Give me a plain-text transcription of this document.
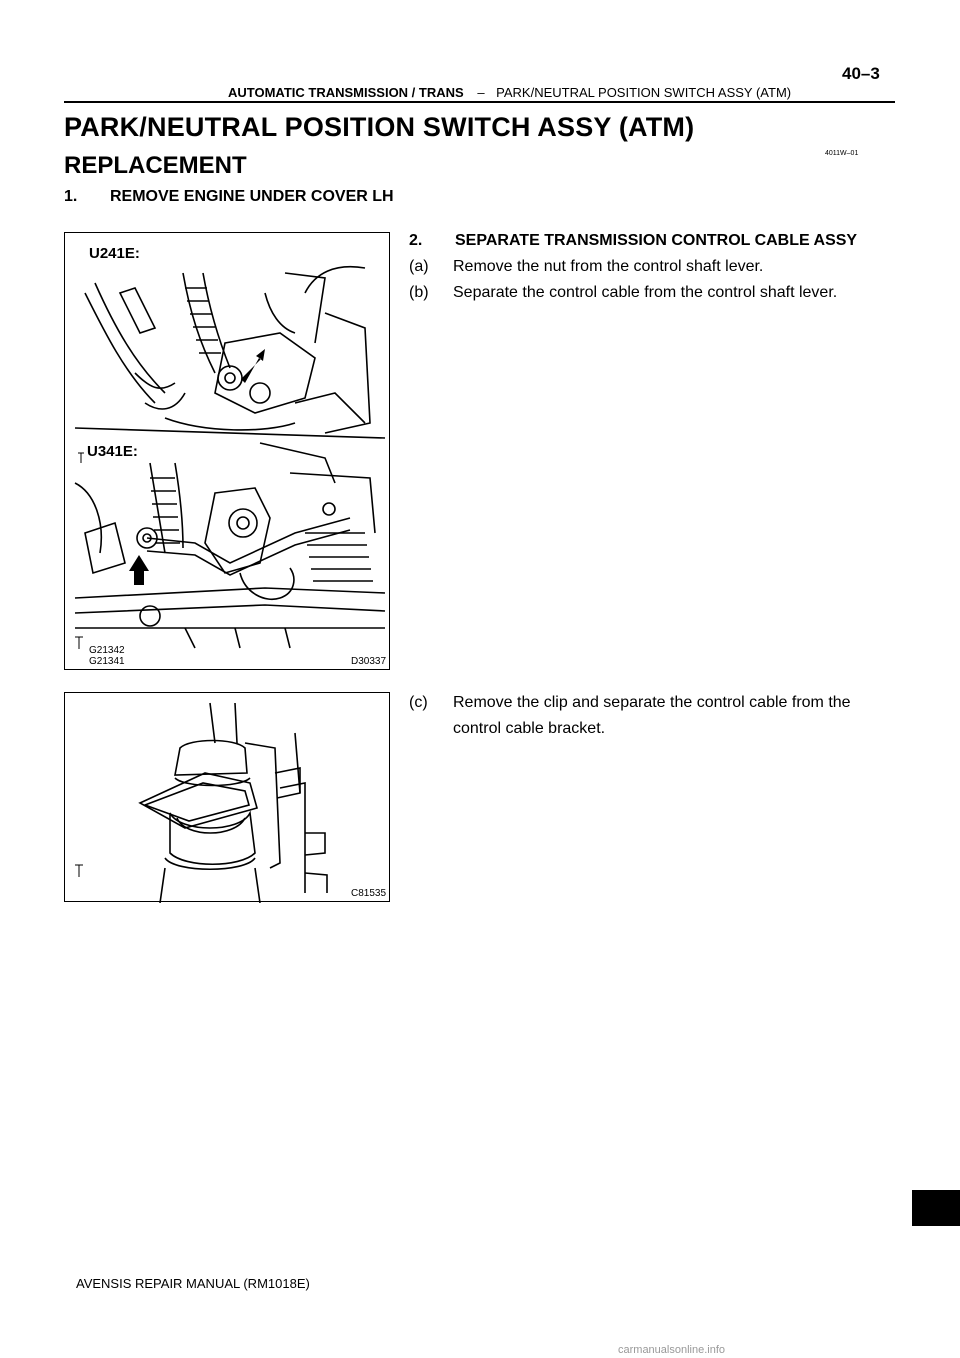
40–3
AUTOMATIC TRANSMISSION / TRANS – PARK/NEUTRAL POSITION SWITCH ASSY (ATM)
PARK/NEUTRAL POSITION SWITCH ASSY (ATM)
REPLACEMENT	4011W–01
1. REMOVE ENGINE UNDER COVER LH
U241E:
U341E:
G21342
G21341	D30337
2. SEPARATE TRANSMISSION CONTROL CABLE ASSY
(a) Remove the nut from the control shaft lever.
(b) Separate the control cable from the control shaft lever.
C81535
(c) Remove the clip and separate the control cable from the
control cable bracket.
AVENSIS REPAIR MANUAL (RM1018E)
carmanualsonline.info
